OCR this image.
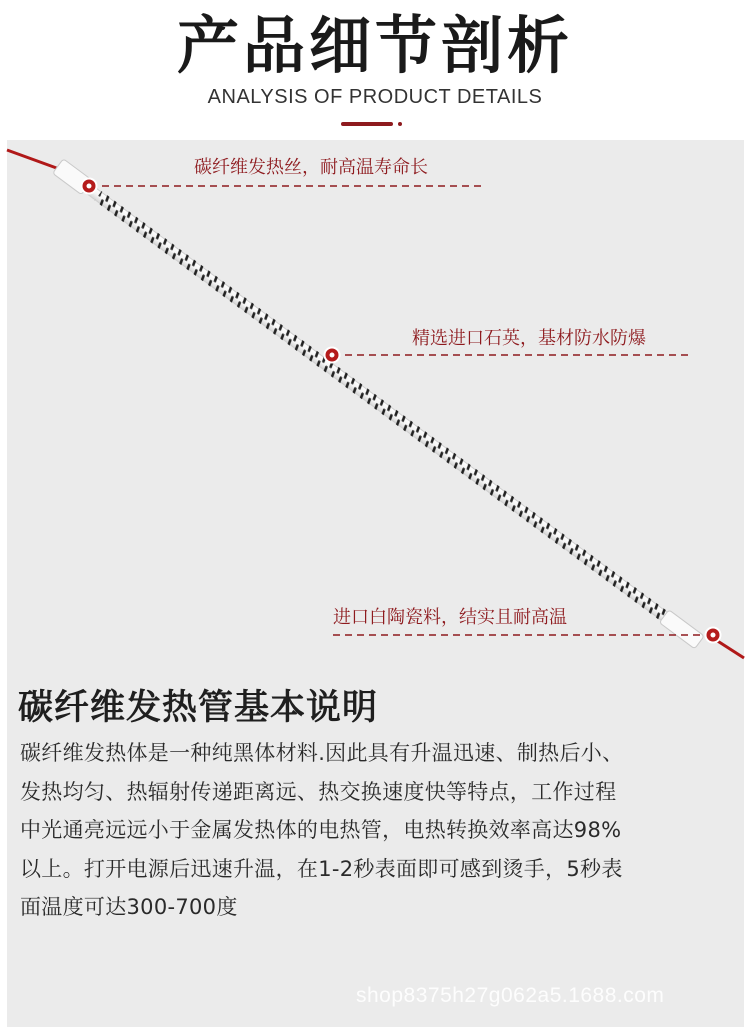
产品细节剖析
ANALYSIS OF PRODUCT DETAILS
碳纤维发热丝，耐高温寿命长
精选进口石英，基材防水防爆
进口白陶瓷料，结实且耐高温
碳纤维发热管基本说明
碳纤维发热体是一种纯黑体材料.因此具有升温迅速、制热后小、
发热均匀、热辐射传递距离远、热交换速度快等特点，工作过程
中光通亮远远小于金属发热体的电热管，电热转换效率高达98%
以上。打开电源后迅速升温，在1-2秒表面即可感到烫手，5秒表
面温度可达300-700度
shop8375h27g062a5.1688.com
